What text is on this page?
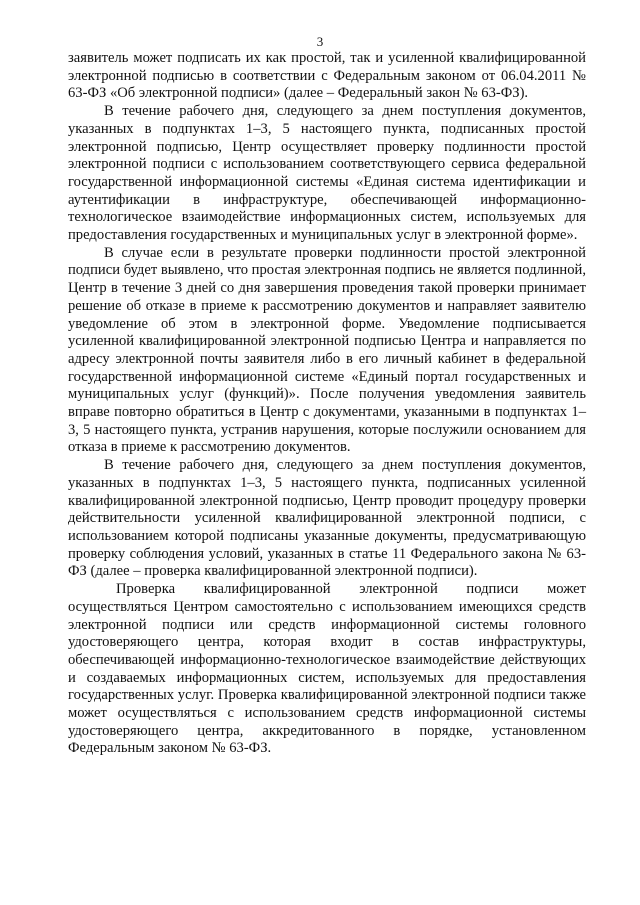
3

заявитель может подписать их как простой, так и усиленной квалифицированной электронной подписью в соответствии с Федеральным законом от 06.04.2011 № 63-ФЗ «Об электронной подписи» (далее – Федеральный закон № 63-ФЗ).

В течение рабочего дня, следующего за днем поступления документов, указанных в подпунктах 1–3, 5 настоящего пункта, подписанных простой электронной подписью, Центр осуществляет проверку подлинности простой электронной подписи с использованием соответствующего сервиса федеральной государственной информационной системы «Единая система идентификации и аутентификации в инфраструктуре, обеспечивающей информационно-технологическое взаимодействие информационных систем, используемых для предоставления государственных и муниципальных услуг в электронной форме».

В случае если в результате проверки подлинности простой электронной подписи будет выявлено, что простая электронная подпись не является подлинной, Центр в течение 3 дней со дня завершения проведения такой проверки принимает решение об отказе в приеме к рассмотрению документов и направляет заявителю уведомление об этом в электронной форме. Уведомление подписывается усиленной квалифицированной электронной подписью Центра и направляется по адресу электронной почты заявителя либо в его личный кабинет в федеральной государственной информационной системе «Единый портал государственных и муниципальных услуг (функций)». После получения уведомления заявитель вправе повторно обратиться в Центр с документами, указанными в подпунктах 1–3, 5 настоящего пункта, устранив нарушения, которые послужили основанием для отказа в приеме к рассмотрению документов.

В течение рабочего дня, следующего за днем поступления документов, указанных в подпунктах 1–3, 5 настоящего пункта, подписанных усиленной квалифицированной электронной подписью, Центр проводит процедуру проверки действительности усиленной квалифицированной электронной подписи, с использованием которой подписаны указанные документы, предусматривающую проверку соблюдения условий, указанных в статье 11 Федерального закона № 63-ФЗ (далее – проверка квалифицированной электронной подписи).

Проверка квалифицированной электронной подписи может осуществляться Центром самостоятельно с использованием имеющихся средств электронной подписи или средств информационной системы головного удостоверяющего центра, которая входит в состав инфраструктуры, обеспечивающей информационно-технологическое взаимодействие действующих и создаваемых информационных систем, используемых для предоставления государственных услуг. Проверка квалифицированной электронной подписи также может осуществляться с использованием средств информационной системы удостоверяющего центра, аккредитованного в порядке, установленном Федеральным законом № 63-ФЗ.
